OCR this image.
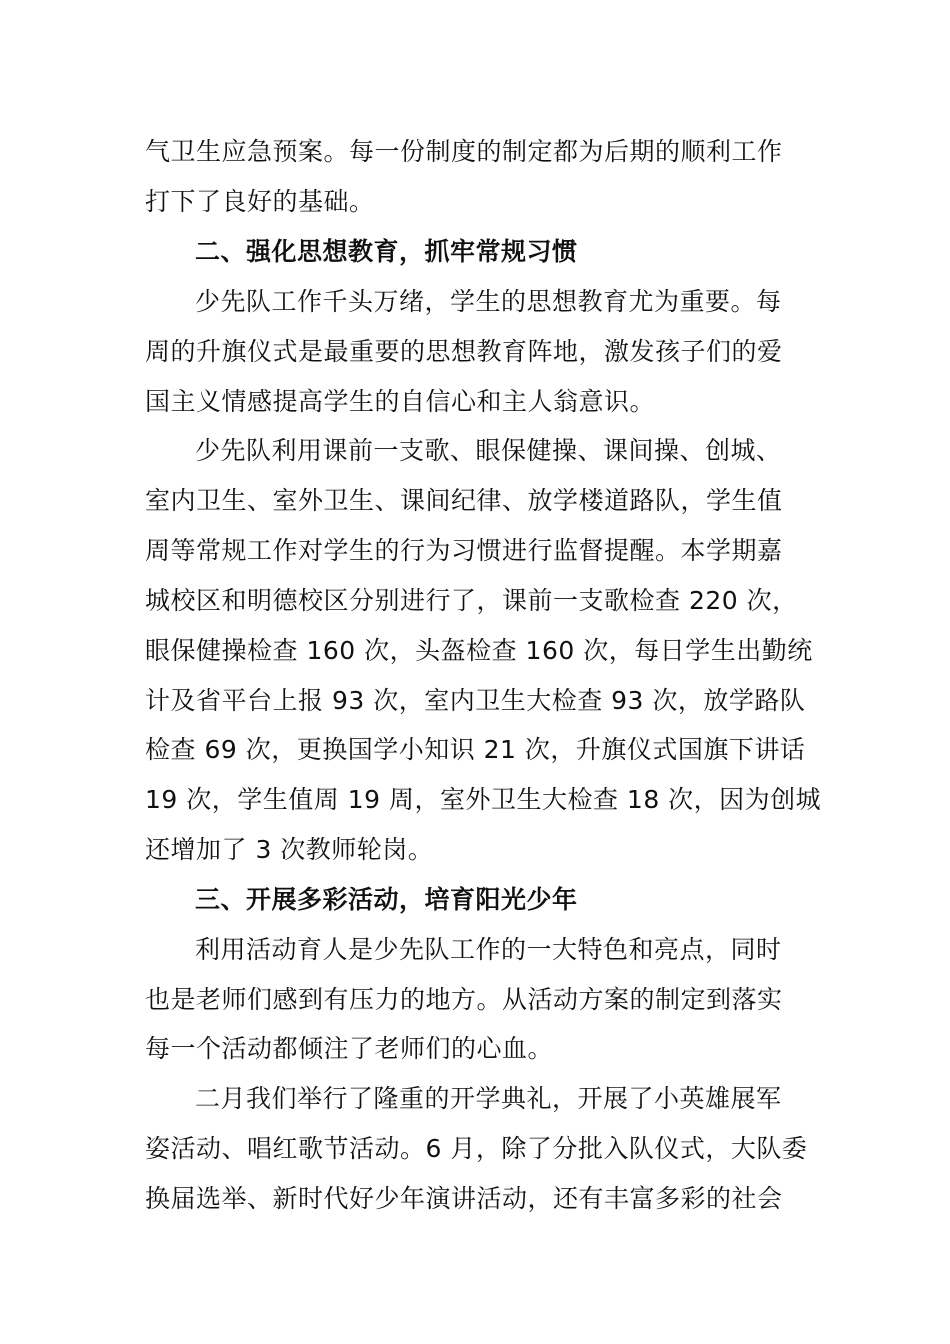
气卫生应急预案。每一份制度的制定都为后期的顺利工作
打下了良好的基础。
二、强化思想教育，抓牢常规习惯
少先队工作千头万绪，学生的思想教育尤为重要。每
周的升旗仪式是最重要的思想教育阵地，激发孩子们的爱
国主义情感提高学生的自信心和主人翁意识。
少先队利用课前一支歌、眼保健操、课间操、创城、
室内卫生、室外卫生、课间纪律、放学楼道路队，学生值
周等常规工作对学生的行为习惯进行监督提醒。本学期嘉
城校区和明德校区分别进行了，课前一支歌检查 220 次，
眼保健操检查 160 次，头盔检查 160 次，每日学生出勤统
计及省平台上报 93 次，室内卫生大检查 93 次，放学路队
检查 69 次，更换国学小知识 21 次，升旗仪式国旗下讲话
19 次，学生值周 19 周，室外卫生大检查 18 次，因为创城
还增加了 3 次教师轮岗。
三、开展多彩活动，培育阳光少年
利用活动育人是少先队工作的一大特色和亮点，同时
也是老师们感到有压力的地方。从活动方案的制定到落实
每一个活动都倾注了老师们的心血。
二月我们举行了隆重的开学典礼，开展了小英雄展军
姿活动、唱红歌节活动。6 月，除了分批入队仪式，大队委
换届选举、新时代好少年演讲活动，还有丰富多彩的社会
